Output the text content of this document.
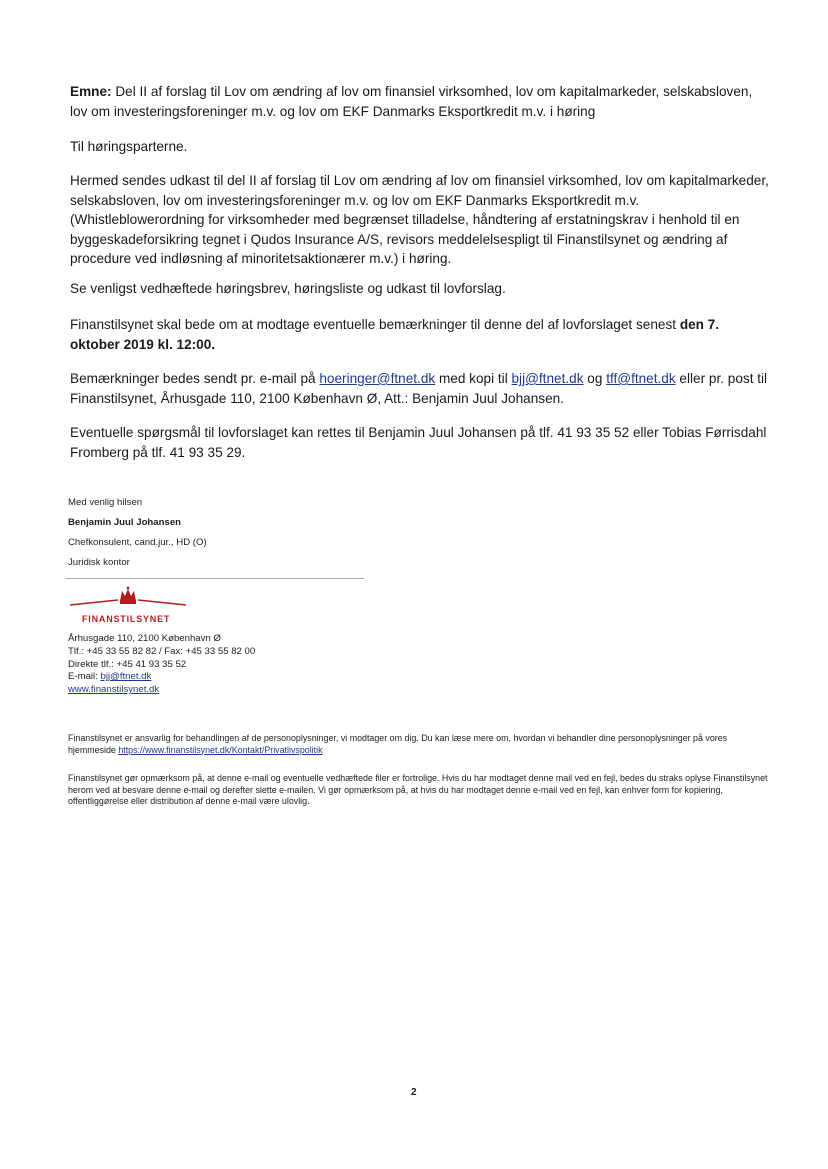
Emne: Del II af forslag til Lov om ændring af lov om finansiel virksomhed, lov om kapitalmarkeder, selskabsloven, lov om investeringsforeninger m.v. og lov om EKF Danmarks Eksportkredit m.v. i høring

Til høringsparterne.

Hermed sendes udkast til del II af forslag til Lov om ændring af lov om finansiel virksomhed, lov om kapitalmarkeder, selskabsloven, lov om investeringsforeninger m.v. og lov om EKF Danmarks Eksportkredit m.v. (Whistleblowerordning for virksomheder med begrænset tilladelse, håndtering af erstatningskrav i henhold til en byggeskadeforsikring tegnet i Qudos Insurance A/S, revisors meddelelsespligt til Finanstilsynet og ændring af procedure ved indløsning af minoritetsaktionærer m.v.) i høring.

Se venligst vedhæftede høringsbrev, høringsliste og udkast til lovforslag.

Finanstilsynet skal bede om at modtage eventuelle bemærkninger til denne del af lovforslaget senest den 7. oktober 2019 kl. 12:00.

Bemærkninger bedes sendt pr. e-mail på hoeringer@ftnet.dk med kopi til bjj@ftnet.dk og tff@ftnet.dk eller pr. post til Finanstilsynet, Århusgade 110, 2100 København Ø, Att.: Benjamin Juul Johansen.

Eventuelle spørgsmål til lovforslaget kan rettes til Benjamin Juul Johansen på tlf. 41 93 35 52 eller Tobias Førrisdahl Fromberg på tlf. 41 93 35 29.

Med venlig hilsen

Benjamin Juul Johansen

Chefkonsulent, cand.jur., HD (O)

Juridisk kontor

FINANSTILSYNET

Århusgade 110, 2100 København Ø

Tlf.: +45 33 55 82 82 / Fax: +45 33 55 82 00

Direkte tlf.: +45 41 93 35 52

E-mail: bjj@ftnet.dk

www.finanstilsynet.dk

Finanstilsynet er ansvarlig for behandlingen af de personoplysninger, vi modtager om dig. Du kan læse mere om, hvordan vi behandler dine personoplysninger på vores hjemmeside https://www.finanstilsynet.dk/Kontakt/Privatlivspolitik

Finanstilsynet gør opmærksom på, at denne e-mail og eventuelle vedhæftede filer er fortrolige. Hvis du har modtaget denne mail ved en fejl, bedes du straks oplyse Finanstilsynet herom ved at besvare denne e-mail og derefter slette e-mailen. Vi gør opmærksom på, at hvis du har modtaget denne e-mail ved en fejl, kan enhver form for kopiering, offentliggørelse eller distribution af denne e-mail være ulovlig.

2
